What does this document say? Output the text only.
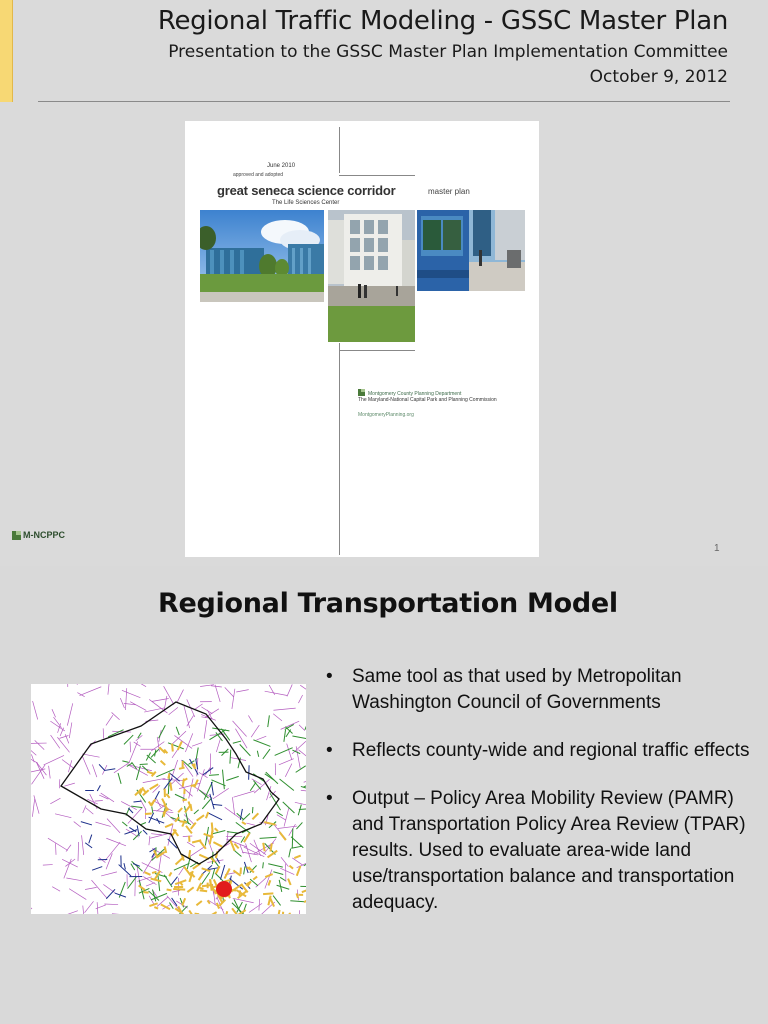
Regional Traffic Modeling - GSSC Master Plan
Presentation to the GSSC Master Plan Implementation Committee
October 9, 2012
June 2010
approved and adopted
great seneca science corridor	master plan
The Life Sciences Center
Montgomery County Planning Department
The Maryland-National Capital Park and Planning Commission
MontgomeryPlanning.org
M-NCPPC
1
Regional Transportation Model
• Same tool as that used by Metropolitan Washington Council of Governments
• Reflects county-wide and regional traffic effects
• Output – Policy Area Mobility Review (PAMR) and Transportation Policy Area Review (TPAR) results. Used to evaluate area-wide land use/transportation balance and transportation adequacy.
